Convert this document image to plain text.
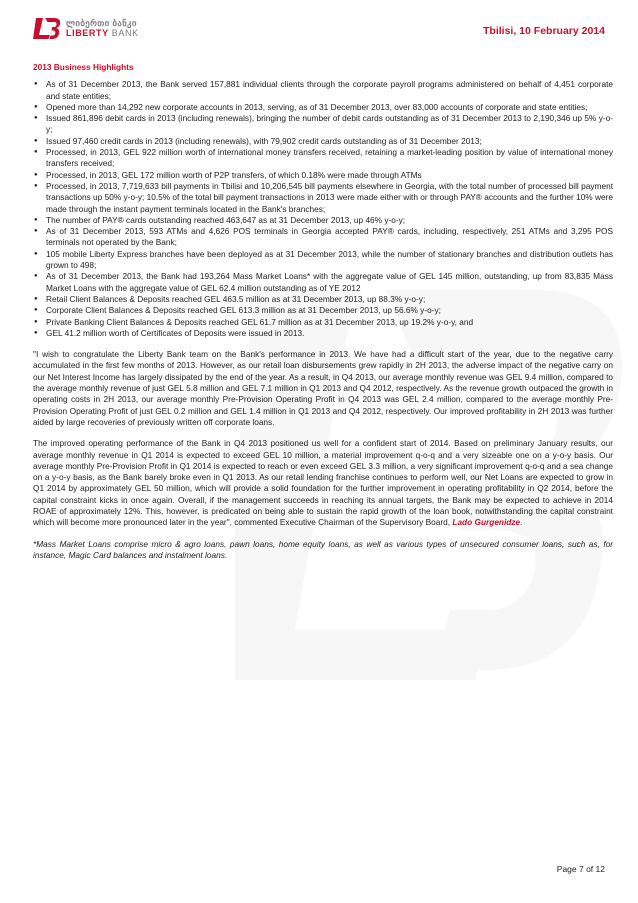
ლიბერთი ბანკი
LIBERTY BANK	Tbilisi, 10 February 2014
2013 Business Highlights
● As of 31 December 2013, the Bank served 157,881 individual clients through the corporate payroll programs administered on behalf of 4,451 corporate and state entities;
● Opened more than 14,292 new corporate accounts in 2013, serving, as of 31 December 2013, over 83,000 accounts of corporate and state entities;
● Issued 861,896 debit cards in 2013 (including renewals), bringing the number of debit cards outstanding as of 31 December 2013 to 2,190,346 up 5% y-o-y;
● Issued 97,460 credit cards in 2013 (including renewals), with 79,902 credit cards outstanding as of 31 December 2013;
● Processed, in 2013, GEL 922 million worth of international money transfers received, retaining a market-leading position by value of international money transfers received;
● Processed, in 2013, GEL 172 million worth of P2P transfers, of which 0.18% were made through ATMs
● Processed, in 2013, 7,719,633 bill payments in Tbilisi and 10,206,545 bill payments elsewhere in Georgia, with the total number of processed bill payment transactions up 50% y-o-y; 10.5% of the total bill payment transactions in 2013 were made either with or through PAY® accounts and the further 10% were made through the instant payment terminals located in the Bank's branches;
● The number of PAY® cards outstanding reached 463,647 as at 31 December 2013, up 46% y-o-y;
● As of 31 December 2013, 593 ATMs and 4,626 POS terminals in Georgia accepted PAY® cards, including, respectively, 251 ATMs and 3,295 POS terminals not operated by the Bank;
● 105 mobile Liberty Express branches have been deployed as at 31 December 2013, while the number of stationary branches and distribution outlets has grown to 498;
● As of 31 December 2013, the Bank had 193,264 Mass Market Loans* with the aggregate value of GEL 145 million, outstanding, up from 83,835 Mass Market Loans with the aggregate value of GEL 62.4 million outstanding as of YE 2012
● Retail Client Balances & Deposits reached GEL 463.5 million as at 31 December 2013, up 88.3% y-o-y;
● Corporate Client Balances & Deposits reached GEL 613.3 million as at 31 December 2013, up 56.6% y-o-y;
● Private Banking Client Balances & Deposits reached GEL 61.7 million as at 31 December 2013, up 19.2% y-o-y, and
● GEL 41.2 million worth of Certificates of Deposits were issued in 2013.

"I wish to congratulate the Liberty Bank team on the Bank's performance in 2013. We have had a difficult start of the year, due to the negative carry accumulated in the first few months of 2013. However, as our retail loan disbursements grew rapidly in 2H 2013, the adverse impact of the negative carry on our Net Interest Income has largely dissipated by the end of the year. As a result, in Q4 2013, our average monthly revenue was GEL 9.4 million, compared to the average monthly revenue of just GEL 5.8 million and GEL 7.1 million in Q1 2013 and Q4 2012, respectively. As the revenue growth outpaced the growth in operating costs in 2H 2013, our average monthly Pre-Provision Operating Profit in Q4 2013 was GEL 2.4 million, compared to the average monthly Pre-Provision Operating Profit of just GEL 0.2 million and GEL 1.4 million in Q1 2013 and Q4 2012, respectively. Our improved profitability in 2H 2013 was further aided by large recoveries of previously written off corporate loans.

The improved operating performance of the Bank in Q4 2013 positioned us well for a confident start of 2014. Based on preliminary January results, our average monthly revenue in Q1 2014 is expected to exceed GEL 10 million, a material improvement q-o-q and a very sizeable one on a y-o-y basis. Our average monthly Pre-Provision Profit in Q1 2014 is expected to reach or even exceed GEL 3.3 million, a very significant improvement q-o-q and a sea change on a y-o-y basis, as the Bank barely broke even in Q1 2013. As our retail lending franchise continues to perform well, our Net Loans are expected to grow in Q1 2014 by approximately GEL 50 million, which will provide a solid foundation for the further improvement in operating profitability in Q2 2014, before the capital constraint kicks in once again. Overall, if the management succeeds in reaching its annual targets, the Bank may be expected to achieve in 2014 ROAE of approximately 12%. This, however, is predicated on being able to sustain the rapid growth of the loan book, notwithstanding the capital constraint which will become more pronounced later in the year", commented Executive Chairman of the Supervisory Board, Lado Gurgenidze.

*Mass Market Loans comprise micro & agro loans, pawn loans, home equity loans, as well as various types of unsecured consumer loans, such as, for instance, Magic Card balances and instalment loans.

Page 7 of 12
